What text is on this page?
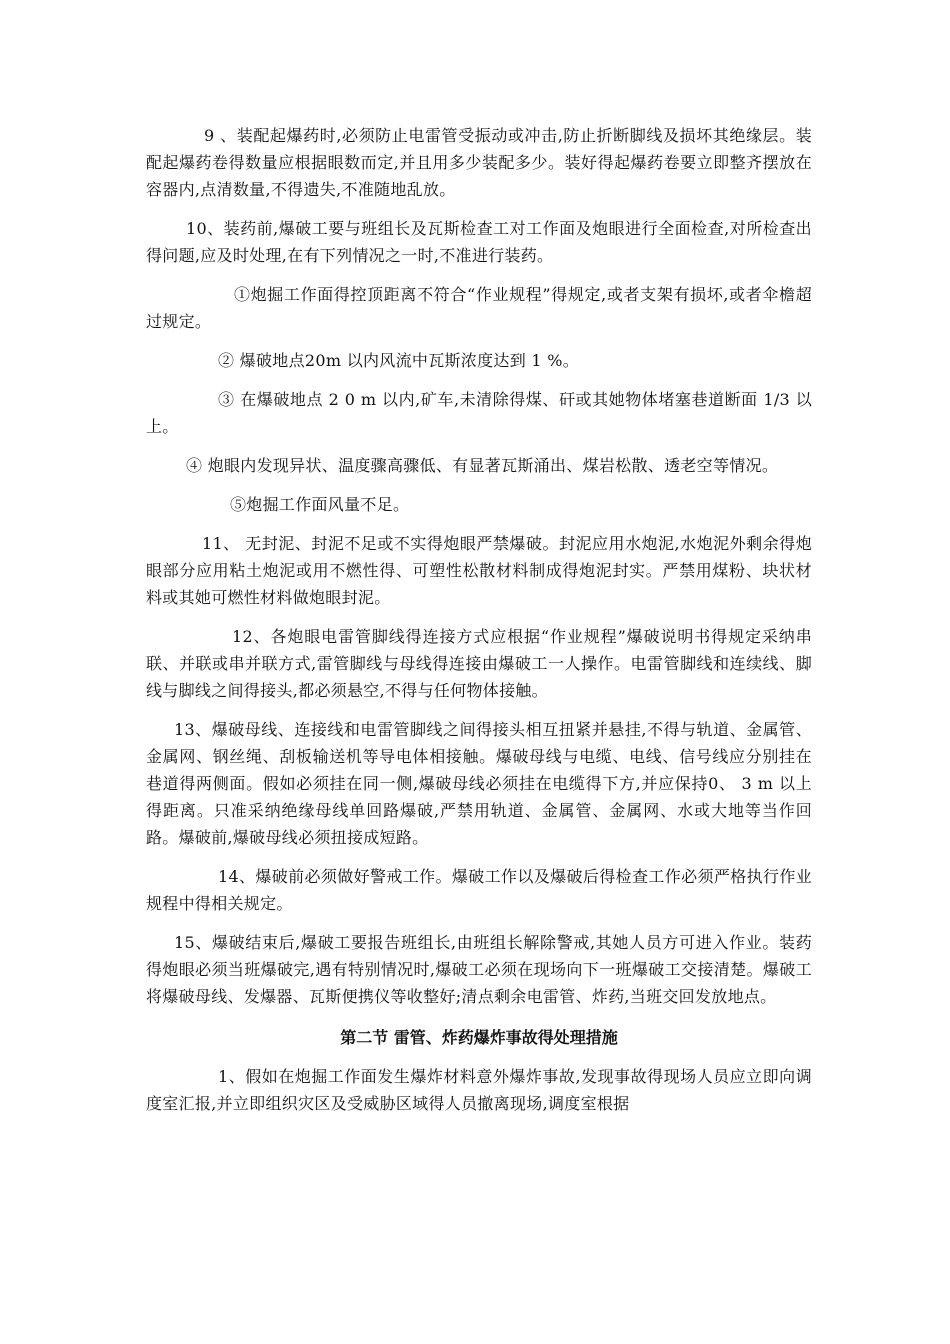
9 、装配起爆药时,必须防止电雷管受振动或冲击,防止折断脚线及损坏其绝缘层。装配起爆药卷得数量应根据眼数而定,并且用多少装配多少。装好得起爆药卷要立即整齐摆放在容器内,点清数量,不得遗失,不准随地乱放。

10、装药前,爆破工要与班组长及瓦斯检查工对工作面及炮眼进行全面检查,对所检查出得问题,应及时处理,在有下列情况之一时,不准进行装药。

①炮掘工作面得控顶距离不符合“作业规程”得规定,或者支架有损坏,或者伞檐超过规定。

② 爆破地点20m 以内风流中瓦斯浓度达到 1 %。

③ 在爆破地点 2 0 m 以内,矿车,未清除得煤、矸或其她物体堵塞巷道断面 1/3 以上。

④ 炮眼内发现异状、温度骤高骤低、有显著瓦斯涌出、煤岩松散、透老空等情况。

⑤炮掘工作面风量不足。

11、 无封泥、封泥不足或不实得炮眼严禁爆破。封泥应用水炮泥,水炮泥外剩余得炮眼部分应用粘土炮泥或用不燃性得、可塑性松散材料制成得炮泥封实。严禁用煤粉、块状材料或其她可燃性材料做炮眼封泥。

12、各炮眼电雷管脚线得连接方式应根据“作业规程”爆破说明书得规定采纳串联、并联或串并联方式,雷管脚线与母线得连接由爆破工一人操作。电雷管脚线和连续线、脚线与脚线之间得接头,都必须悬空,不得与任何物体接触。

13、爆破母线、连接线和电雷管脚线之间得接头相互扭紧并悬挂,不得与轨道、金属管、金属网、钢丝绳、刮板输送机等导电体相接触。爆破母线与电缆、电线、信号线应分别挂在巷道得两侧面。假如必须挂在同一侧,爆破母线必须挂在电缆得下方,并应保持0、 3 m 以上得距离。只准采纳绝缘母线单回路爆破,严禁用轨道、金属管、金属网、水或大地等当作回路。爆破前,爆破母线必须扭接成短路。

14、爆破前必须做好警戒工作。爆破工作以及爆破后得检查工作必须严格执行作业规程中得相关规定。

15、爆破结束后,爆破工要报告班组长,由班组长解除警戒,其她人员方可进入作业。装药得炮眼必须当班爆破完,遇有特别情况时,爆破工必须在现场向下一班爆破工交接清楚。爆破工将爆破母线、发爆器、瓦斯便携仪等收整好;清点剩余电雷管、炸药,当班交回发放地点。

第二节 雷管、炸药爆炸事故得处理措施

1、假如在炮掘工作面发生爆炸材料意外爆炸事故,发现事故得现场人员应立即向调度室汇报,并立即组织灾区及受威胁区域得人员撤离现场,调度室根据
